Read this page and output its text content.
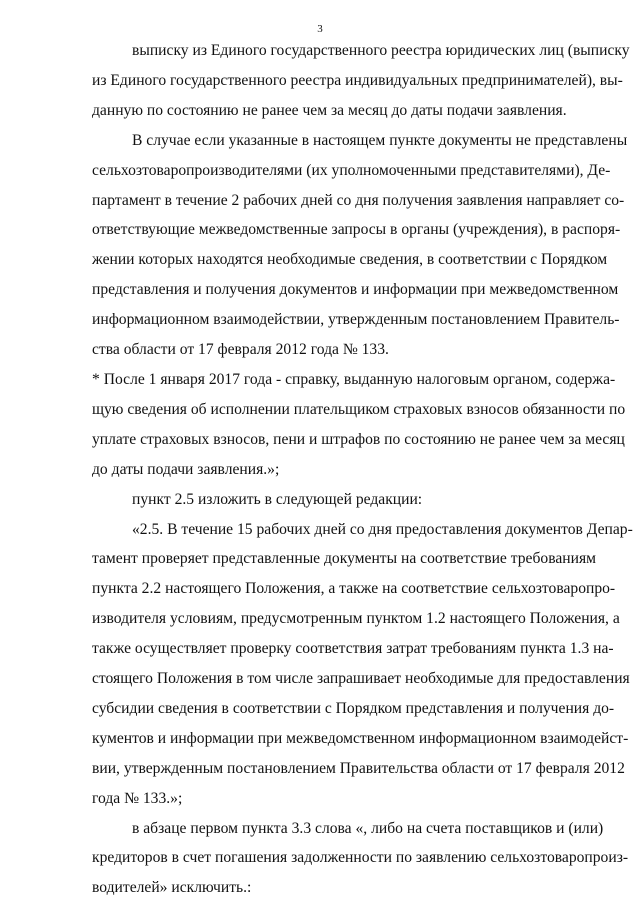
3
выписку из Единого государственного реестра юридических лиц (выписку
из Единого государственного реестра индивидуальных предпринимателей), вы-
данную по состоянию не ранее чем за месяц до даты подачи заявления.
В случае если указанные в настоящем пункте документы не представлены
сельхозтоваропроизводителями (их уполномоченными представителями), Де-
партамент в течение 2 рабочих дней со дня получения заявления направляет со-
ответствующие межведомственные запросы в органы (учреждения), в распоря-
жении которых находятся необходимые сведения, в соответствии с Порядком
представления и получения документов и информации при межведомственном
информационном взаимодействии, утвержденным постановлением Правитель-
ства области от 17 февраля 2012 года № 133.
* После 1 января 2017 года - справку, выданную налоговым органом, содержа-
щую сведения об исполнении плательщиком страховых взносов обязанности по
уплате страховых взносов, пени и штрафов по состоянию не ранее чем за месяц
до даты подачи заявления.»;
пункт 2.5 изложить в следующей редакции:
«2.5. В течение 15 рабочих дней со дня предоставления документов Депар-
тамент проверяет представленные документы на соответствие требованиям
пункта 2.2 настоящего Положения, а также на соответствие сельхозтоваропро-
изводителя условиям, предусмотренным пунктом 1.2 настоящего Положения, а
также осуществляет проверку соответствия затрат требованиям пункта 1.3 на-
стоящего Положения в том числе запрашивает необходимые для предоставления
субсидии сведения в соответствии с Порядком представления и получения до-
кументов и информации при межведомственном информационном взаимодейст-
вии, утвержденным постановлением Правительства области от 17 февраля 2012
года № 133.»;
в абзаце первом пункта 3.3 слова «, либо на счета поставщиков и (или)
кредиторов в счет погашения задолженности по заявлению сельхозтоваропроиз-
водителей» исключить.:
